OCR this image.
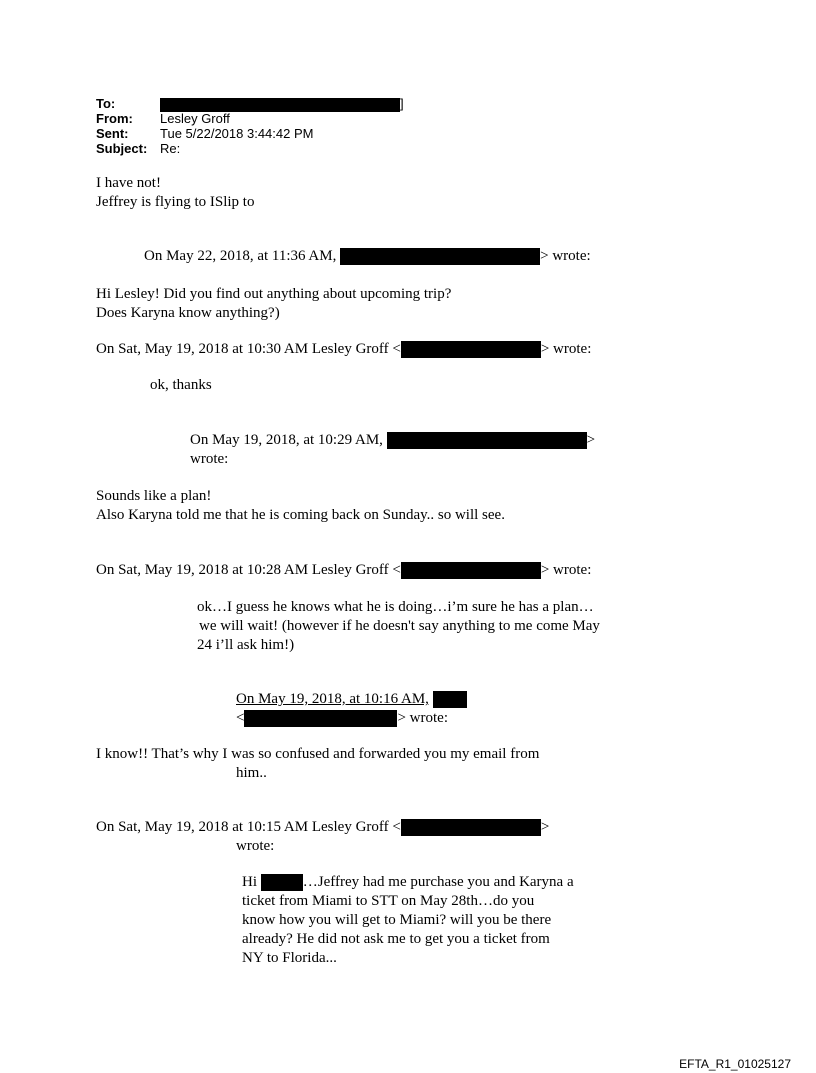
To:	]
From: Lesley Groff
Sent: Tue 5/22/2018 3:44:42 PM
Subject: Re:
I have not!
Jeffrey is flying to ISlip to
On May 22, 2018, at 11:36 AM,	> wrote:
Hi Lesley! Did you find out anything about upcoming trip?
Does Karyna know anything?)
On Sat, May 19, 2018 at 10:30 AM Lesley Groff <	> wrote:
ok, thanks
On May 19, 2018, at 10:29 AM,	>
wrote:
Sounds like a plan!
Also Karyna told me that he is coming back on Sunday.. so will see.
On Sat, May 19, 2018 at 10:28 AM Lesley Groff <	> wrote:
ok…I guess he knows what he is doing…i’m sure he has a plan…
we will wait! (however if he doesn't say anything to me come May
24 i’ll ask him!)
On May 19, 2018, at 10:16 AM,
<	> wrote:
I know!! That’s why I was so confused and forwarded you my email from
him..
On Sat, May 19, 2018 at 10:15 AM Lesley Groff <	>
wrote:
Hi	…Jeffrey had me purchase you and Karyna a
ticket from Miami to STT on May 28th…do you
know how you will get to Miami? will you be there
already? He did not ask me to get you a ticket from
NY to Florida...
EFTA_R1_01025127
